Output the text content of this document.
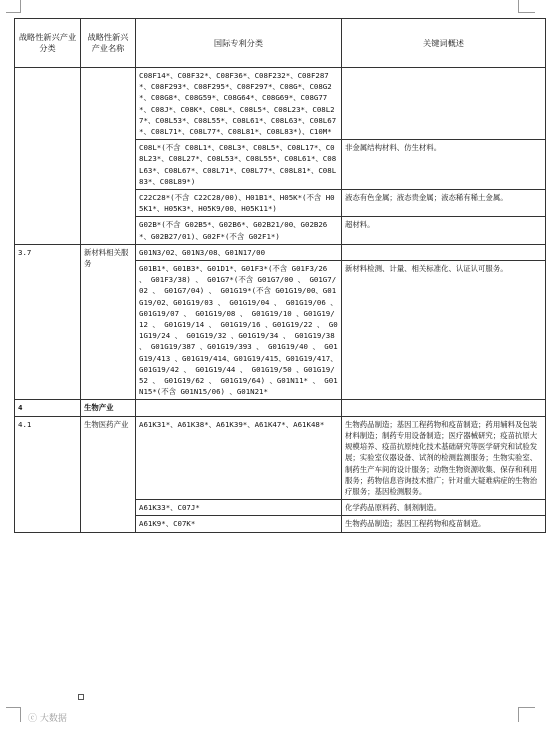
战略性新兴产业分类	战略性新兴产业名称	国际专利分类	关键词概述
		C08F14*、C08F32*、C08F36*、C08F232*、C08F287*、C08F293*、C08F295*、C08F297*、C08G*、C08G2*、C08G8*、C08G59*、C08G64*、C08G69*、C08G77*、C08J*、C08K*、C08L*、C08L5*、C08L23*、C08L27*、C08L53*、C08L55*、C08L61*、C08L63*、C08L67*、C08L71*、C08L77*、C08L81*、C08L83*)、C10M*	
		C08L*(不含 C08L1*、C08L3*、C08L5*、C08L17*、C08L23*、C08L27*、C08L53*、C08L55*、C08L61*、C08L63*、C08L67*、C08L71*、C08L77*、C08L81*、C08L83*、C08L89*)	非金属结构材料、仿生材料。
		C22C28*(不含 C22C28/00)、H01B1*、H05K*(不含 H05K1*、H05K3*、H05K9/00、H05K11*)	液态有色金属；液态贵金属；液态稀有稀土金属。
		G02B*(不含 G02B5*、G02B6*、G02B21/00、G02B26*、G02B27/01)、G02F*(不含 G02F1*)	超材料。
3.7	新材料相关服务	G01N3/02、G01N3/08、G01N17/00	
		G01B1*、G01B3*、G01D1*、G01F3*(不含 G01F3/26 、 G01F3/38) 、 G01G7*(不含 G01G7/00 、 G01G7/02 、 G01G7/04) 、 G01G19*(不含 G01G19/00、G01G19/02、G01G19/03 、 G01G19/04 、 G01G19/06 、G01G19/07 、 G01G19/08 、 G01G19/10 、G01G19/12 、 G01G19/14 、 G01G19/16 、G01G19/22 、 G01G19/24 、 G01G19/32 、G01G19/34 、 G01G19/38 、 G01G19/387 、G01G19/393 、 G01G19/40 、 G01G19/413 、G01G19/414、G01G19/415、G01G19/417、G01G19/42 、 G01G19/44 、 G01G19/50 、G01G19/52 、 G01G19/62 、 G01G19/64) 、G01N11* 、 G01N15*(不含 G01N15/06) 、G01N21*	新材料检测、计量、相关标准化、认证认可服务。
4	生物产业		
4.1	生物医药产业	A61K31*、A61K38*、A61K39*、A61K47*、A61K48*	生物药品制造；基因工程药物和疫苗制造；药用辅料及包装材料制造；制药专用设备制造；医疗器械研究；疫苗抗原大规模培养、疫苗抗原纯化技术基础研究等医学研究和试验发展；实验室仪器设备、试剂的检测监测服务；生物实验室、制药生产车间的设计服务；动物生物资源收集、保存和利用服务；药物信息咨询技术推广；针对重大疑难病症的生物治疗服务；基因检测服务。
		A61K33*、C07J*	化学药品原料药、制剂制造。
		A61K9*、C07K*	生物药品制造；基因工程药物和疫苗制造。
ⓒ 大数据
